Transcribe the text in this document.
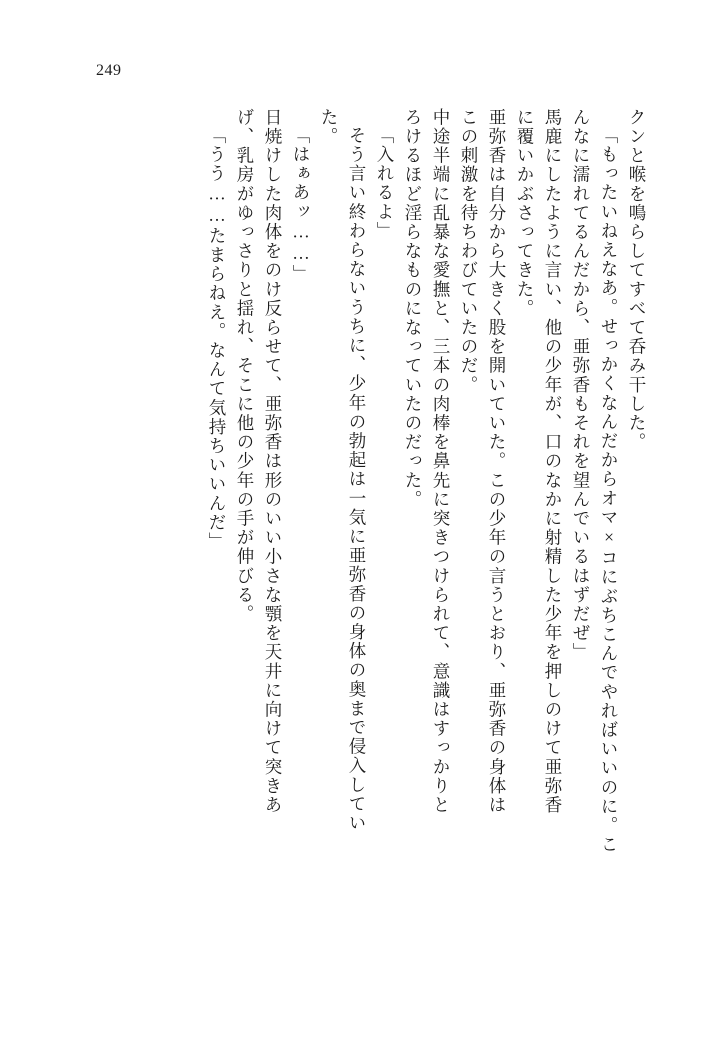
249
クンと喉を鳴らしてすべて呑み干した。
「もったいねえなあ。せっかくなんだからオマ×コにぶちこんでやればいいのに。こ
んなに濡れてるんだから、亜弥香もそれを望んでいるはずだぜ」
馬鹿にしたように言い、他の少年が、口のなかに射精した少年を押しのけて亜弥香
に覆いかぶさってきた。
亜弥香は自分から大きく股を開いていた。この少年の言うとおり、亜弥香の身体は
この刺激を待ちわびていたのだ。
中途半端に乱暴な愛撫と、三本の肉棒を鼻先に突きつけられて、意識はすっかりと
ろけるほど淫らなものになっていたのだった。
「入れるよ」
そう言い終わらないうちに、少年の勃起は一気に亜弥香の身体の奥まで侵入してい
た。
「はぁあッ……」
日焼けした肉体をのけ反らせて、亜弥香は形のいい小さな顎を天井に向けて突きあ
げ、乳房がゆっさりと揺れ、そこに他の少年の手が伸びる。
「うう……たまらねえ。なんて気持ちいいんだ」
